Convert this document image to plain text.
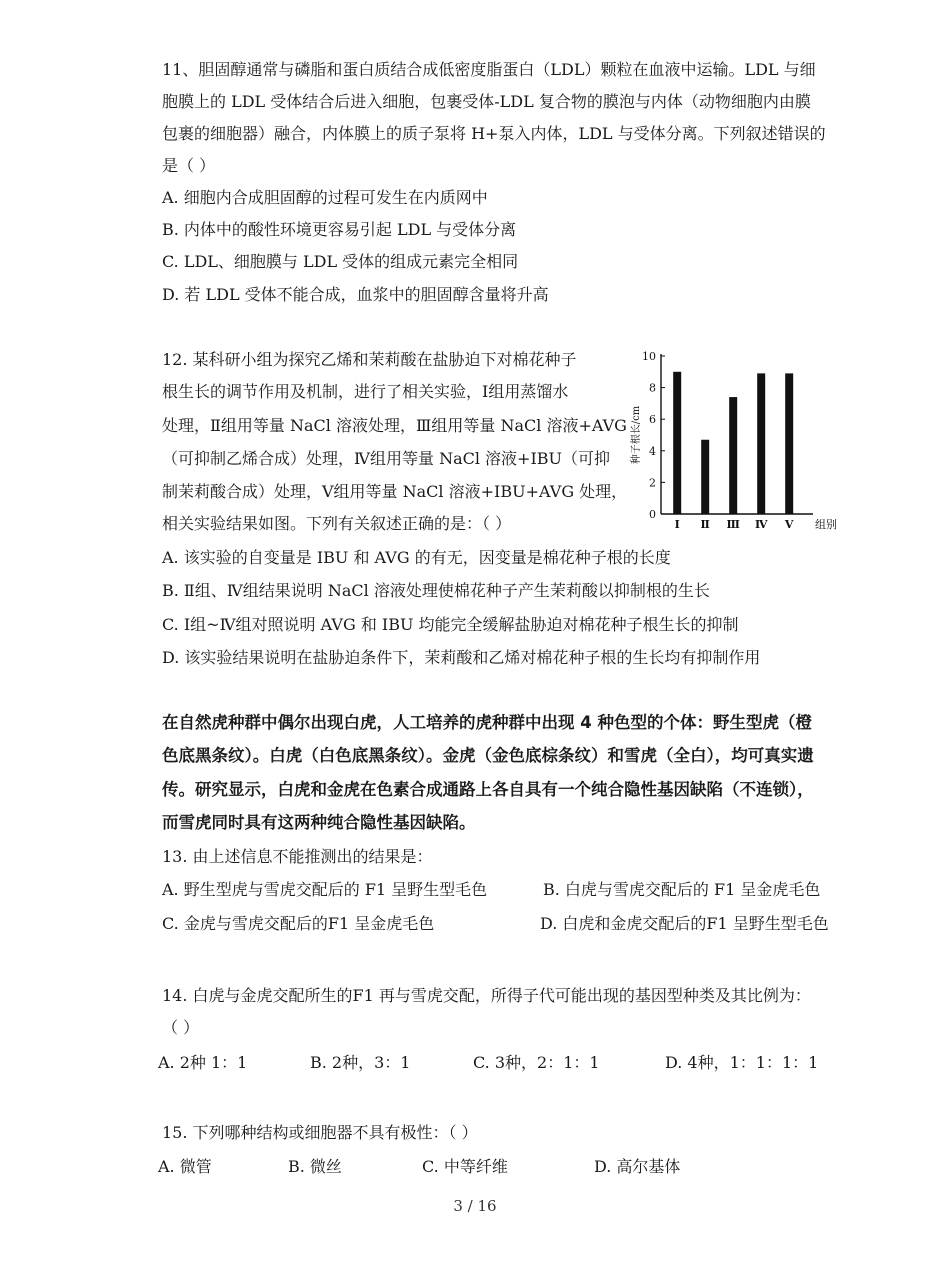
11、胆固醇通常与磷脂和蛋白质结合成低密度脂蛋白（LDL）颗粒在血液中运输。LDL 与细
胞膜上的 LDL 受体结合后进入细胞，包裹受体-LDL 复合物的膜泡与内体（动物细胞内由膜
包裹的细胞器）融合，内体膜上的质子泵将 H+泵入内体，LDL 与受体分离。下列叙述错误的
是（ ）
A. 细胞内合成胆固醇的过程可发生在内质网中
B. 内体中的酸性环境更容易引起 LDL 与受体分离
C. LDL、细胞膜与 LDL 受体的组成元素完全相同
D. 若 LDL 受体不能合成，血浆中的胆固醇含量将升高
12. 某科研小组为探究乙烯和茉莉酸在盐胁迫下对棉花种子
根生长的调节作用及机制，进行了相关实验，Ⅰ组用蒸馏水
处理，Ⅱ组用等量 NaCl 溶液处理，Ⅲ组用等量 NaCl 溶液+AVG
（可抑制乙烯合成）处理，Ⅳ组用等量 NaCl 溶液+IBU（可抑
制茉莉酸合成）处理，Ⅴ组用等量 NaCl 溶液+IBU+AVG 处理，
相关实验结果如图。下列有关叙述正确的是：（ ）
A. 该实验的自变量是 IBU 和 AVG 的有无，因变量是棉花种子根的长度
B. Ⅱ组、Ⅳ组结果说明 NaCl 溶液处理使棉花种子产生茉莉酸以抑制根的生长
C. Ⅰ组~Ⅳ组对照说明 AVG 和 IBU 均能完全缓解盐胁迫对棉花种子根生长的抑制
D. 该实验结果说明在盐胁迫条件下，茉莉酸和乙烯对棉花种子根的生长均有抑制作用
0
2
4
6
8
10
种子根长/cm
Ⅰ Ⅱ Ⅲ Ⅳ Ⅴ 组别
在自然虎种群中偶尔出现白虎，人工培养的虎种群中出现 4 种色型的个体：野生型虎（橙
色底黑条纹）。白虎（白色底黑条纹）。金虎（金色底棕条纹）和雪虎（全白），均可真实遗
传。研究显示，白虎和金虎在色素合成通路上各自具有一个纯合隐性基因缺陷（不连锁），
而雪虎同时具有这两种纯合隐性基因缺陷。
13. 由上述信息不能推测出的结果是：
A. 野生型虎与雪虎交配后的 F1 呈野生型毛色	B. 白虎与雪虎交配后的 F1 呈金虎毛色
C. 金虎与雪虎交配后的F1 呈金虎毛色	D. 白虎和金虎交配后的F1 呈野生型毛色
14. 白虎与金虎交配所生的F1 再与雪虎交配，所得子代可能出现的基因型种类及其比例为：
（ ）
A. 2种 1：1	B. 2种，3：1	C. 3种，2：1：1	D. 4种，1：1：1：1
15. 下列哪种结构或细胞器不具有极性：（ ）
A. 微管	B. 微丝	C. 中等纤维	D. 高尔基体
3 / 16
